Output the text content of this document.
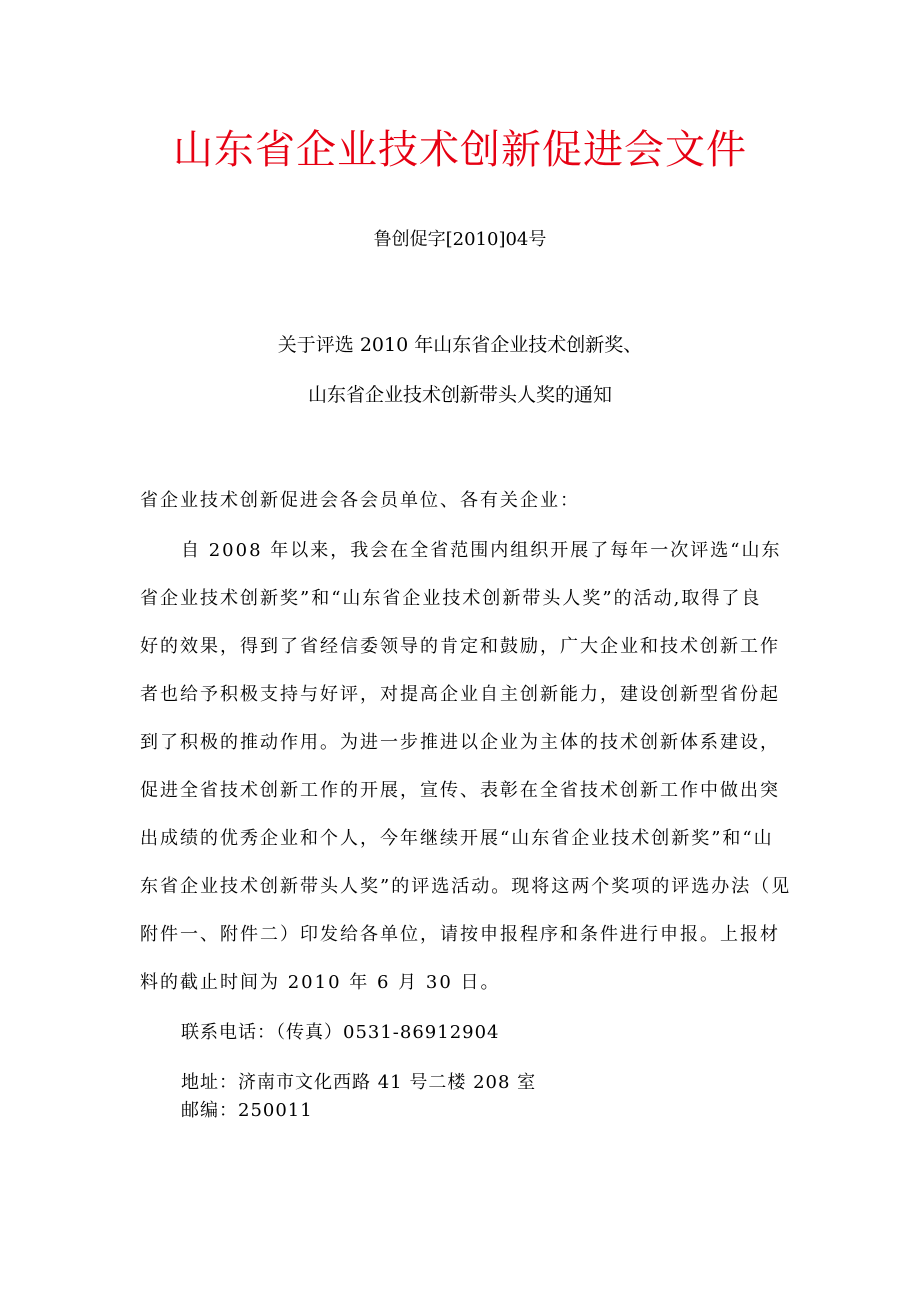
山东省企业技术创新促进会文件
鲁创促字[2010]04号
关于评选 2010 年山东省企业技术创新奖、
山东省企业技术创新带头人奖的通知
省企业技术创新促进会各会员单位、各有关企业：
自 2008 年以来，我会在全省范围内组织开展了每年一次评选“山东
省企业技术创新奖”和“山东省企业技术创新带头人奖”的活动,取得了良
好的效果，得到了省经信委领导的肯定和鼓励，广大企业和技术创新工作
者也给予积极支持与好评，对提高企业自主创新能力，建设创新型省份起
到了积极的推动作用。为进一步推进以企业为主体的技术创新体系建设，
促进全省技术创新工作的开展，宣传、表彰在全省技术创新工作中做出突
出成绩的优秀企业和个人，今年继续开展“山东省企业技术创新奖”和“山
东省企业技术创新带头人奖”的评选活动。现将这两个奖项的评选办法（见
附件一、附件二）印发给各单位，请按申报程序和条件进行申报。上报材
料的截止时间为 2010 年 6 月 30 日。
联系电话：（传真）0531-86912904
地址：济南市文化西路 41 号二楼 208 室
邮编：250011
